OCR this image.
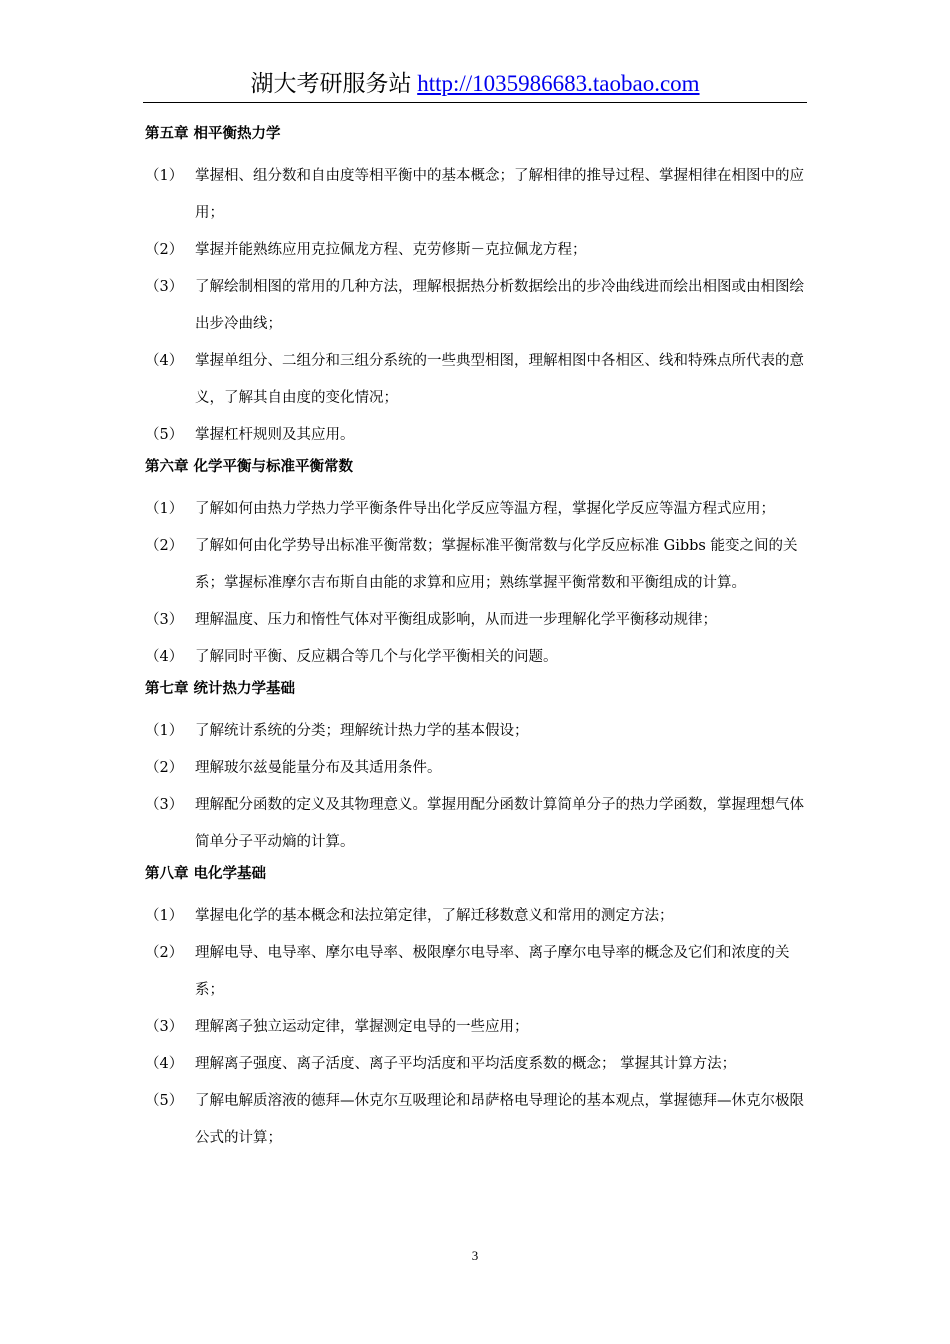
湖大考研服务站 http://1035986683.taobao.com
第五章 相平衡热力学
（1） 掌握相、组分数和自由度等相平衡中的基本概念；了解相律的推导过程、掌握相律在相图中的应用；
（2） 掌握并能熟练应用克拉佩龙方程、克劳修斯－克拉佩龙方程；
（3） 了解绘制相图的常用的几种方法，理解根据热分析数据绘出的步冷曲线进而绘出相图或由相图绘出步冷曲线；
（4） 掌握单组分、二组分和三组分系统的一些典型相图，理解相图中各相区、线和特殊点所代表的意义，了解其自由度的变化情况；
（5） 掌握杠杆规则及其应用。
第六章 化学平衡与标准平衡常数
（1） 了解如何由热力学热力学平衡条件导出化学反应等温方程，掌握化学反应等温方程式应用；
（2） 了解如何由化学势导出标准平衡常数；掌握标准平衡常数与化学反应标准 Gibbs 能变之间的关系；掌握标准摩尔吉布斯自由能的求算和应用；熟练掌握平衡常数和平衡组成的计算。
（3） 理解温度、压力和惰性气体对平衡组成影响，从而进一步理解化学平衡移动规律；
（4） 了解同时平衡、反应耦合等几个与化学平衡相关的问题。
第七章 统计热力学基础
（1） 了解统计系统的分类；理解统计热力学的基本假设；
（2） 理解玻尔兹曼能量分布及其适用条件。
（3） 理解配分函数的定义及其物理意义。掌握用配分函数计算简单分子的热力学函数，掌握理想气体简单分子平动熵的计算。
第八章 电化学基础
（1） 掌握电化学的基本概念和法拉第定律，了解迁移数意义和常用的测定方法；
（2） 理解电导、电导率、摩尔电导率、极限摩尔电导率、离子摩尔电导率的概念及它们和浓度的关系；
（3） 理解离子独立运动定律，掌握测定电导的一些应用；
（4） 理解离子强度、离子活度、离子平均活度和平均活度系数的概念； 掌握其计算方法；
（5） 了解电解质溶液的德拜—休克尔互吸理论和昂萨格电导理论的基本观点，掌握德拜—休克尔极限公式的计算；
3
